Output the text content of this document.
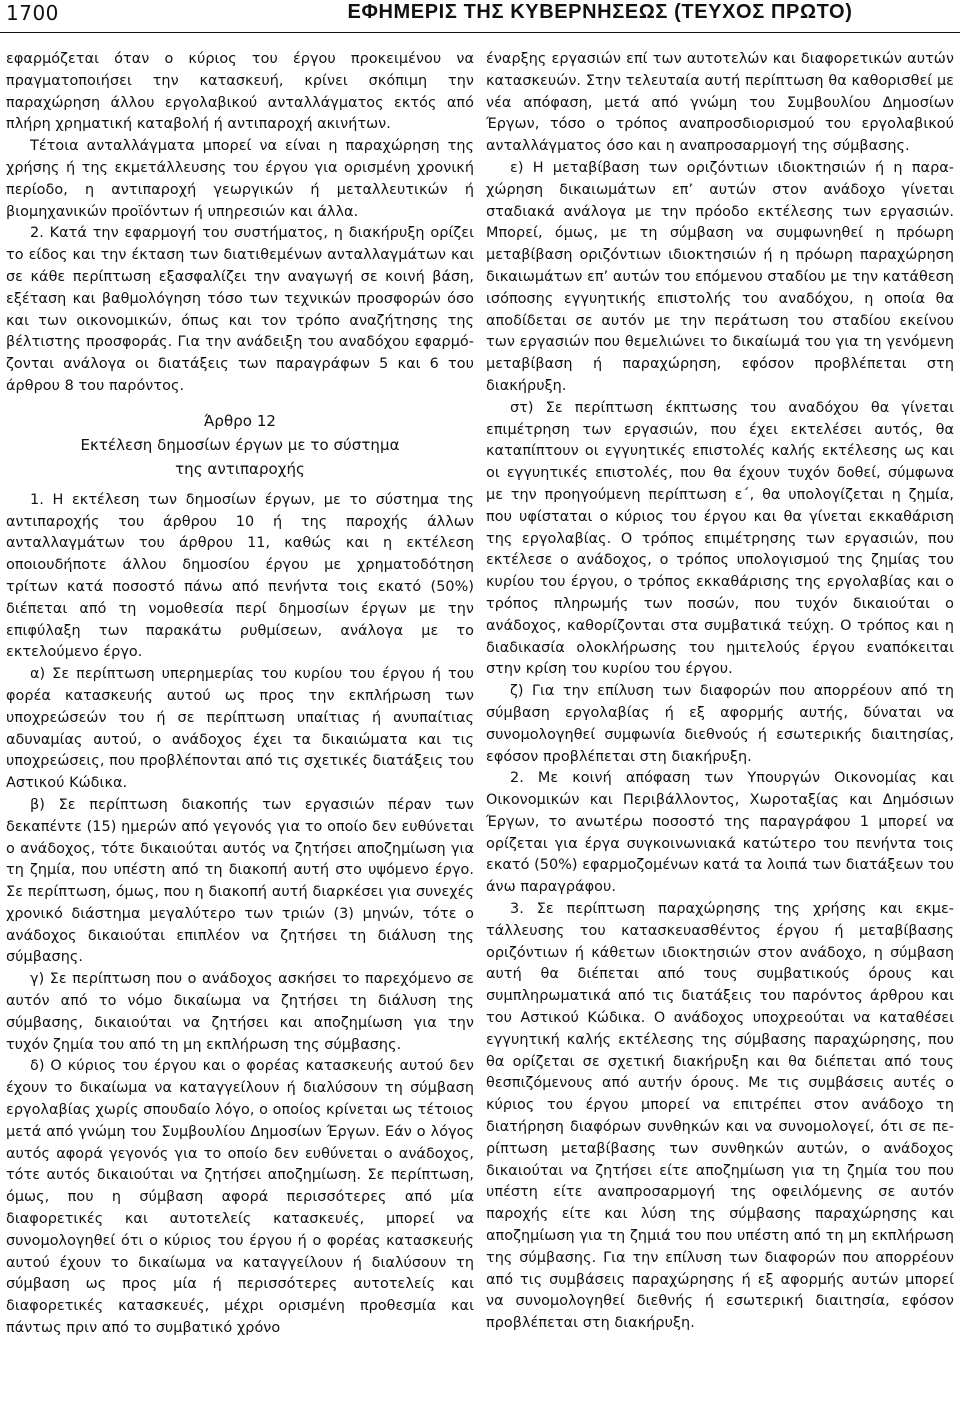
1700	ΕΦΗΜΕΡΙΣ ΤΗΣ ΚΥΒΕΡΝΗΣΕΩΣ (ΤΕΥΧΟΣ ΠΡΩΤΟ)

εφαρμόζεται όταν ο κύριος του έργου προκειμένου να πραγματοποιήσει την κατασκευή, κρίνει σκόπιμη την παραχώρηση άλλου εργολαβικού ανταλλάγματος εκτός από πλήρη χρηματική καταβολή ή αντιπαροχή ακινήτων.

Τέτοια ανταλλάγματα μπορεί να είναι η παραχώρηση της χρήσης ή της εκμετάλλευσης του έργου για ορισμένη χρονική περίοδο, η αντιπαροχή γεωργικών ή μεταλλευτικών ή βιομηχανικών προϊόντων ή υπηρεσιών και άλλα.

2. Κατά την εφαρμογή του συστήματος, η διακήρυξη ορίζει το είδος και την έκταση των διατιθεμένων ανταλλαγμάτων και σε κάθε περίπτωση εξασφαλίζει την αναγωγή σε κοινή βάση, εξέταση και βαθμολόγηση τόσο των τεχνικών προσφορών όσο και των οικονομικών, όπως και τον τρόπο αναζήτησης της βέλτιστης προσφοράς. Για την ανάδειξη του αναδόχου εφαρμόζονται ανάλογα οι διατάξεις των παραγράφων 5 και 6 του άρθρου 8 του παρόντος.

Άρθρο 12
Εκτέλεση δημοσίων έργων με το σύστημα
της αντιπαροχής

1. Η εκτέλεση των δημοσίων έργων, με το σύστημα της αντιπαροχής του άρθρου 10 ή της παροχής άλλων ανταλλαγμάτων του άρθρου 11, καθώς και η εκτέλεση οποιουδήποτε άλλου δημοσίου έργου με χρηματοδότηση τρίτων κατά ποσοστό πάνω από πενήντα τοις εκατό (50%) διέπεται από τη νομοθεσία περί δημοσίων έργων με την επιφύλαξη των παρακάτω ρυθμίσεων, ανάλογα με το εκτελούμενο έργο.

α) Σε περίπτωση υπερημερίας του κυρίου του έργου ή του φορέα κατασκευής αυτού ως προς την εκπλήρωση των υποχρεώσεών του ή σε περίπτωση υπαίτιας ή ανυπαίτιας αδυναμίας αυτού, ο ανάδοχος έχει τα δικαιώματα και τις υποχρεώσεις, που προβλέπονται από τις σχετικές διατάξεις του Αστικού Κώδικα.

β) Σε περίπτωση διακοπής των εργασιών πέραν των δεκαπέντε (15) ημερών από γεγονός για το οποίο δεν ευθύνεται ο ανάδοχος, τότε δικαιούται αυτός να ζητήσει αποζημίωση για τη ζημία, που υπέστη από τη διακοπή αυτή στο υψόμενο έργο. Σε περίπτωση, όμως, που η διακοπή αυτή διαρκέσει για συνεχές χρονικό διάστημα μεγαλύτερο των τριών (3) μηνών, τότε ο ανάδοχος δικαιούται επιπλέον να ζητήσει τη διάλυση της σύμβασης.

γ) Σε περίπτωση που ο ανάδοχος ασκήσει το παρεχόμενο σε αυτόν από το νόμο δικαίωμα να ζητήσει τη διάλυση της σύμβασης, δικαιούται να ζητήσει και αποζημίωση για την τυχόν ζημία του από τη μη εκπλήρωση της σύμβασης.

δ) Ο κύριος του έργου και ο φορέας κατασκευής αυτού δεν έχουν το δικαίωμα να καταγγείλουν ή διαλύσουν τη σύμβαση εργολαβίας χωρίς σπουδαίο λόγο, ο οποίος κρίνεται ως τέτοιος μετά από γνώμη του Συμβουλίου Δημοσίων Έργων. Εάν ο λόγος αυτός αφορά γεγονός για το οποίο δεν ευθύνεται ο ανάδοχος, τότε αυτός δικαιούται να ζητήσει αποζημίωση. Σε περίπτωση, όμως, που η σύμβαση αφορά περισσότερες από μία διαφορετικές και αυτοτελείς κατασκευές, μπορεί να συνομολογηθεί ότι ο κύριος του έργου ή ο φορέας κατασκευής αυτού έχουν το δικαίωμα να καταγγείλουν ή διαλύσουν τη σύμβαση ως προς μία ή περισσότερες αυτοτελείς και διαφορετικές κατασκευές, μέχρι ορισμένη προθεσμία και πάντως πριν από το συμβατικό χρόνο

έναρξης εργασιών επί των αυτοτελών και διαφορετικών αυτών κατασκευών. Στην τελευταία αυτή περίπτωση θα καθορισθεί με νέα απόφαση, μετά από γνώμη του Συμβουλίου Δημοσίων Έργων, τόσο ο τρόπος αναπροσδιορισμού του εργολαβικού ανταλλάγματος όσο και η αναπροσαρμογή της σύμβασης.

ε) Η μεταβίβαση των οριζόντιων ιδιοκτησιών ή η παραχώρηση δικαιωμάτων επ’ αυτών στον ανάδοχο γίνεται σταδιακά ανάλογα με την πρόοδο εκτέλεσης των εργασιών. Μπορεί, όμως, με τη σύμβαση να συμφωνηθεί η πρόωρη μεταβίβαση οριζόντιων ιδιοκτησιών ή η πρόωρη παραχώρηση δικαιωμάτων επ’ αυτών του επόμενου σταδίου με την κατάθεση ισόποσης εγγυητικής επιστολής του αναδόχου, η οποία θα αποδίδεται σε αυτόν με την περάτωση του σταδίου εκείνου των εργασιών που θεμελιώνει το δικαίωμά του για τη γενόμενη μεταβίβαση ή παραχώρηση, εφόσον προβλέπεται στη διακήρυξη.

στ) Σε περίπτωση έκπτωσης του αναδόχου θα γίνεται επιμέτρηση των εργασιών, που έχει εκτελέσει αυτός, θα καταπίπτουν οι εγγυητικές επιστολές καλής εκτέλεσης ως και οι εγγυητικές επιστολές, που θα έχουν τυχόν δοθεί, σύμφωνα με την προηγούμενη περίπτωση ε΄, θα υπολογίζεται η ζημία, που υφίσταται ο κύριος του έργου και θα γίνεται εκκαθάριση της εργολαβίας. Ο τρόπος επιμέτρησης των εργασιών, που εκτέλεσε ο ανάδοχος, ο τρόπος υπολογισμού της ζημίας του κυρίου του έργου, ο τρόπος εκκαθάρισης της εργολαβίας και ο τρόπος πληρωμής των ποσών, που τυχόν δικαιούται ο ανάδοχος, καθορίζονται στα συμβατικά τεύχη. Ο τρόπος και η διαδικασία ολοκλήρωσης του ημιτελούς έργου εναπόκειται στην κρίση του κυρίου του έργου.

ζ) Για την επίλυση των διαφορών που απορρέουν από τη σύμβαση εργολαβίας ή εξ αφορμής αυτής, δύναται να συνομολογηθεί συμφωνία διεθνούς ή εσωτερικής διαιτησίας, εφόσον προβλέπεται στη διακήρυξη.

2. Με κοινή απόφαση των Υπουργών Οικονομίας και Οικονομικών και Περιβάλλοντος, Χωροταξίας και Δημόσιων Έργων, το ανωτέρω ποσοστό της παραγράφου 1 μπορεί να ορίζεται για έργα συγκοινωνιακά κατώτερο του πενήντα τοις εκατό (50%) εφαρμοζομένων κατά τα λοιπά των διατάξεων του άνω παραγράφου.

3. Σε περίπτωση παραχώρησης της χρήσης και εκμετάλλευσης του κατασκευασθέντος έργου ή μεταβίβασης οριζόντιων ή κάθετων ιδιοκτησιών στον ανάδοχο, η σύμβαση αυτή θα διέπεται από τους συμβατικούς όρους και συμπληρωματικά από τις διατάξεις του παρόντος άρθρου και του Αστικού Κώδικα. Ο ανάδοχος υποχρεούται να καταθέσει εγγυητική καλής εκτέλεσης της σύμβασης παραχώρησης, που θα ορίζεται σε σχετική διακήρυξη και θα διέπεται από τους θεσπιζόμενους από αυτήν όρους. Με τις συμβάσεις αυτές ο κύριος του έργου μπορεί να επιτρέπει στον ανάδοχο τη διατήρηση διαφόρων συνθηκών και να συνομολογεί, ότι σε περίπτωση μεταβίβασης των συνθηκών αυτών, ο ανάδοχος δικαιούται να ζητήσει είτε αποζημίωση για τη ζημία του που υπέστη είτε αναπροσαρμογή της οφειλόμενης σε αυτόν παροχής είτε και λύση της σύμβασης παραχώρησης και αποζημίωση για τη ζημιά του που υπέστη από τη μη εκπλήρωση της σύμβασης. Για την επίλυση των διαφορών που απορρέουν από τις συμβάσεις παραχώρησης ή εξ αφορμής αυτών μπορεί να συνομολογηθεί διεθνής ή εσωτερική διαιτησία, εφόσον προβλέπεται στη διακήρυξη.
